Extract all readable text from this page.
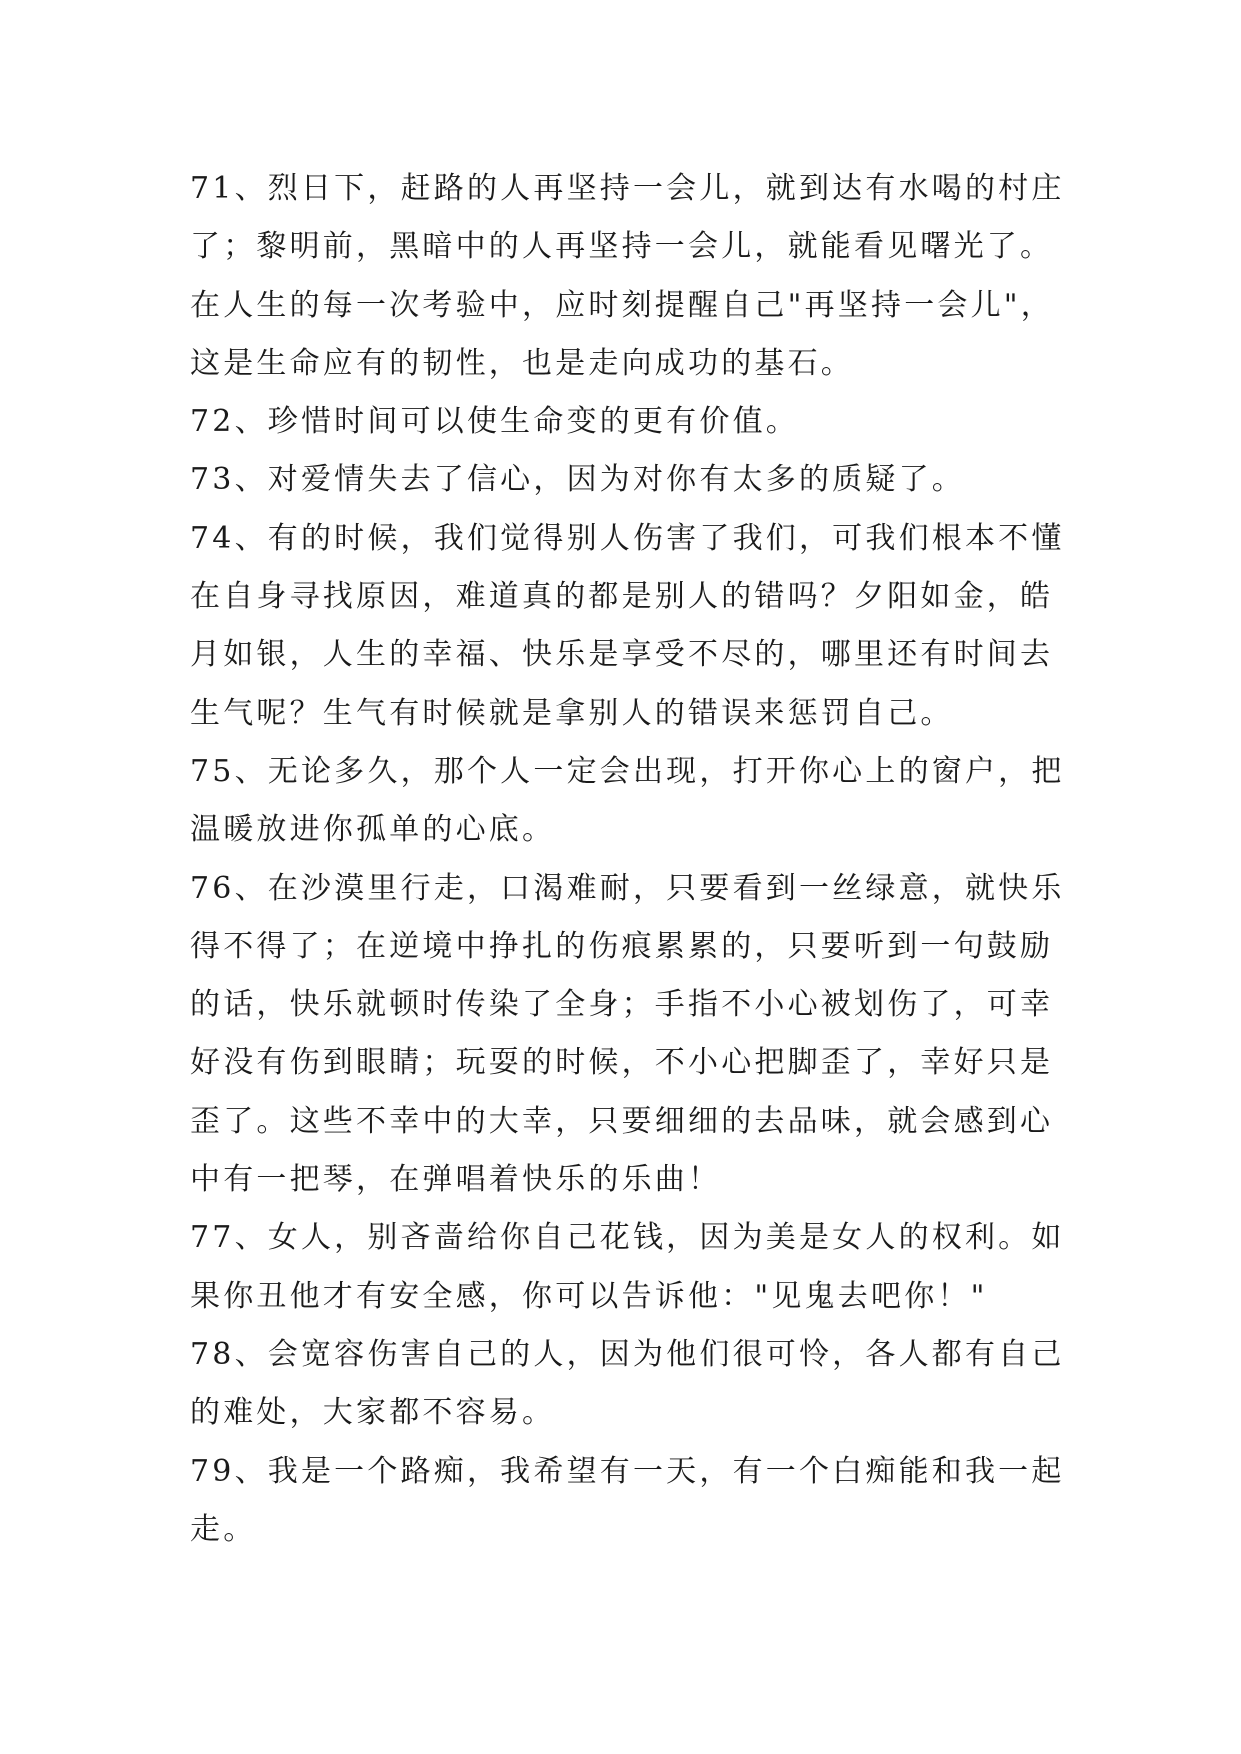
71、烈日下，赶路的人再坚持一会儿，就到达有水喝的村庄
了；黎明前，黑暗中的人再坚持一会儿，就能看见曙光了。
在人生的每一次考验中，应时刻提醒自己"再坚持一会儿"，
这是生命应有的韧性，也是走向成功的基石。
72、珍惜时间可以使生命变的更有价值。
73、对爱情失去了信心，因为对你有太多的质疑了。
74、有的时候，我们觉得别人伤害了我们，可我们根本不懂
在自身寻找原因，难道真的都是别人的错吗？夕阳如金，皓
月如银，人生的幸福、快乐是享受不尽的，哪里还有时间去
生气呢？生气有时候就是拿别人的错误来惩罚自己。
75、无论多久，那个人一定会出现，打开你心上的窗户，把
温暖放进你孤单的心底。
76、在沙漠里行走，口渴难耐，只要看到一丝绿意，就快乐
得不得了；在逆境中挣扎的伤痕累累的，只要听到一句鼓励
的话，快乐就顿时传染了全身；手指不小心被划伤了，可幸
好没有伤到眼睛；玩耍的时候，不小心把脚歪了，幸好只是
歪了。这些不幸中的大幸，只要细细的去品味，就会感到心
中有一把琴，在弹唱着快乐的乐曲！
77、女人，别吝啬给你自己花钱，因为美是女人的权利。如
果你丑他才有安全感，你可以告诉他："见鬼去吧你！"
78、会宽容伤害自己的人，因为他们很可怜，各人都有自己
的难处，大家都不容易。
79、我是一个路痴，我希望有一天，有一个白痴能和我一起
走。
